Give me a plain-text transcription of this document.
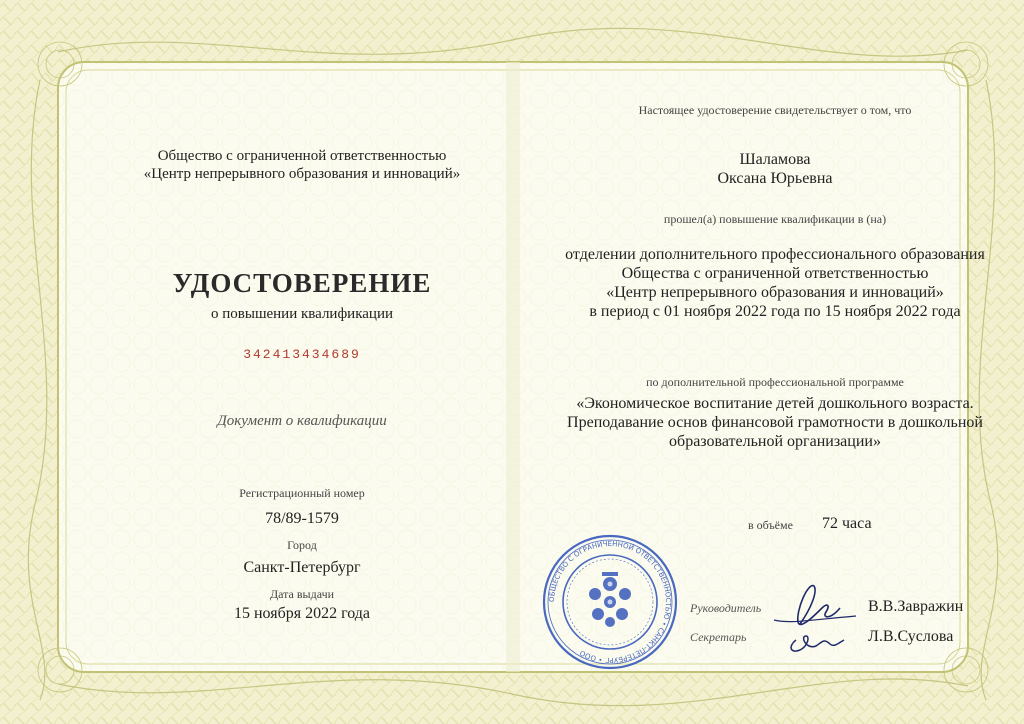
Общество с ограниченной ответственностью
«Центр непрерывного образования и инноваций»
УДОСТОВЕРЕНИЕ
о повышении квалификации
342413434689
Документ о квалификации
Регистрационный номер
78/89-1579
Город
Санкт-Петербург
Дата выдачи
15 ноября 2022 года
Настоящее удостоверение свидетельствует о том, что
Шаламова
Оксана Юрьевна
прошел(а) повышение квалификации в (на)
отделении дополнительного профессионального образования
Общества с ограниченной ответственностью
«Центр непрерывного образования и инноваций»
в период с 01 ноября 2022 года по 15 ноября 2022 года
по дополнительной профессиональной программе
«Экономическое воспитание детей дошкольного возраста.
Преподавание основ финансовой грамотности в дошкольной
образовательной организации»
в объёме 72 часа
ОБЩЕСТВО С ОГРАНИЧЕННОЙ ОТВЕТСТВЕННОСТЬЮ • САНКТ-ПЕТЕРБУРГ • ООО
Руководитель	В.В.Завражин
Секретарь	Л.В.Суслова
